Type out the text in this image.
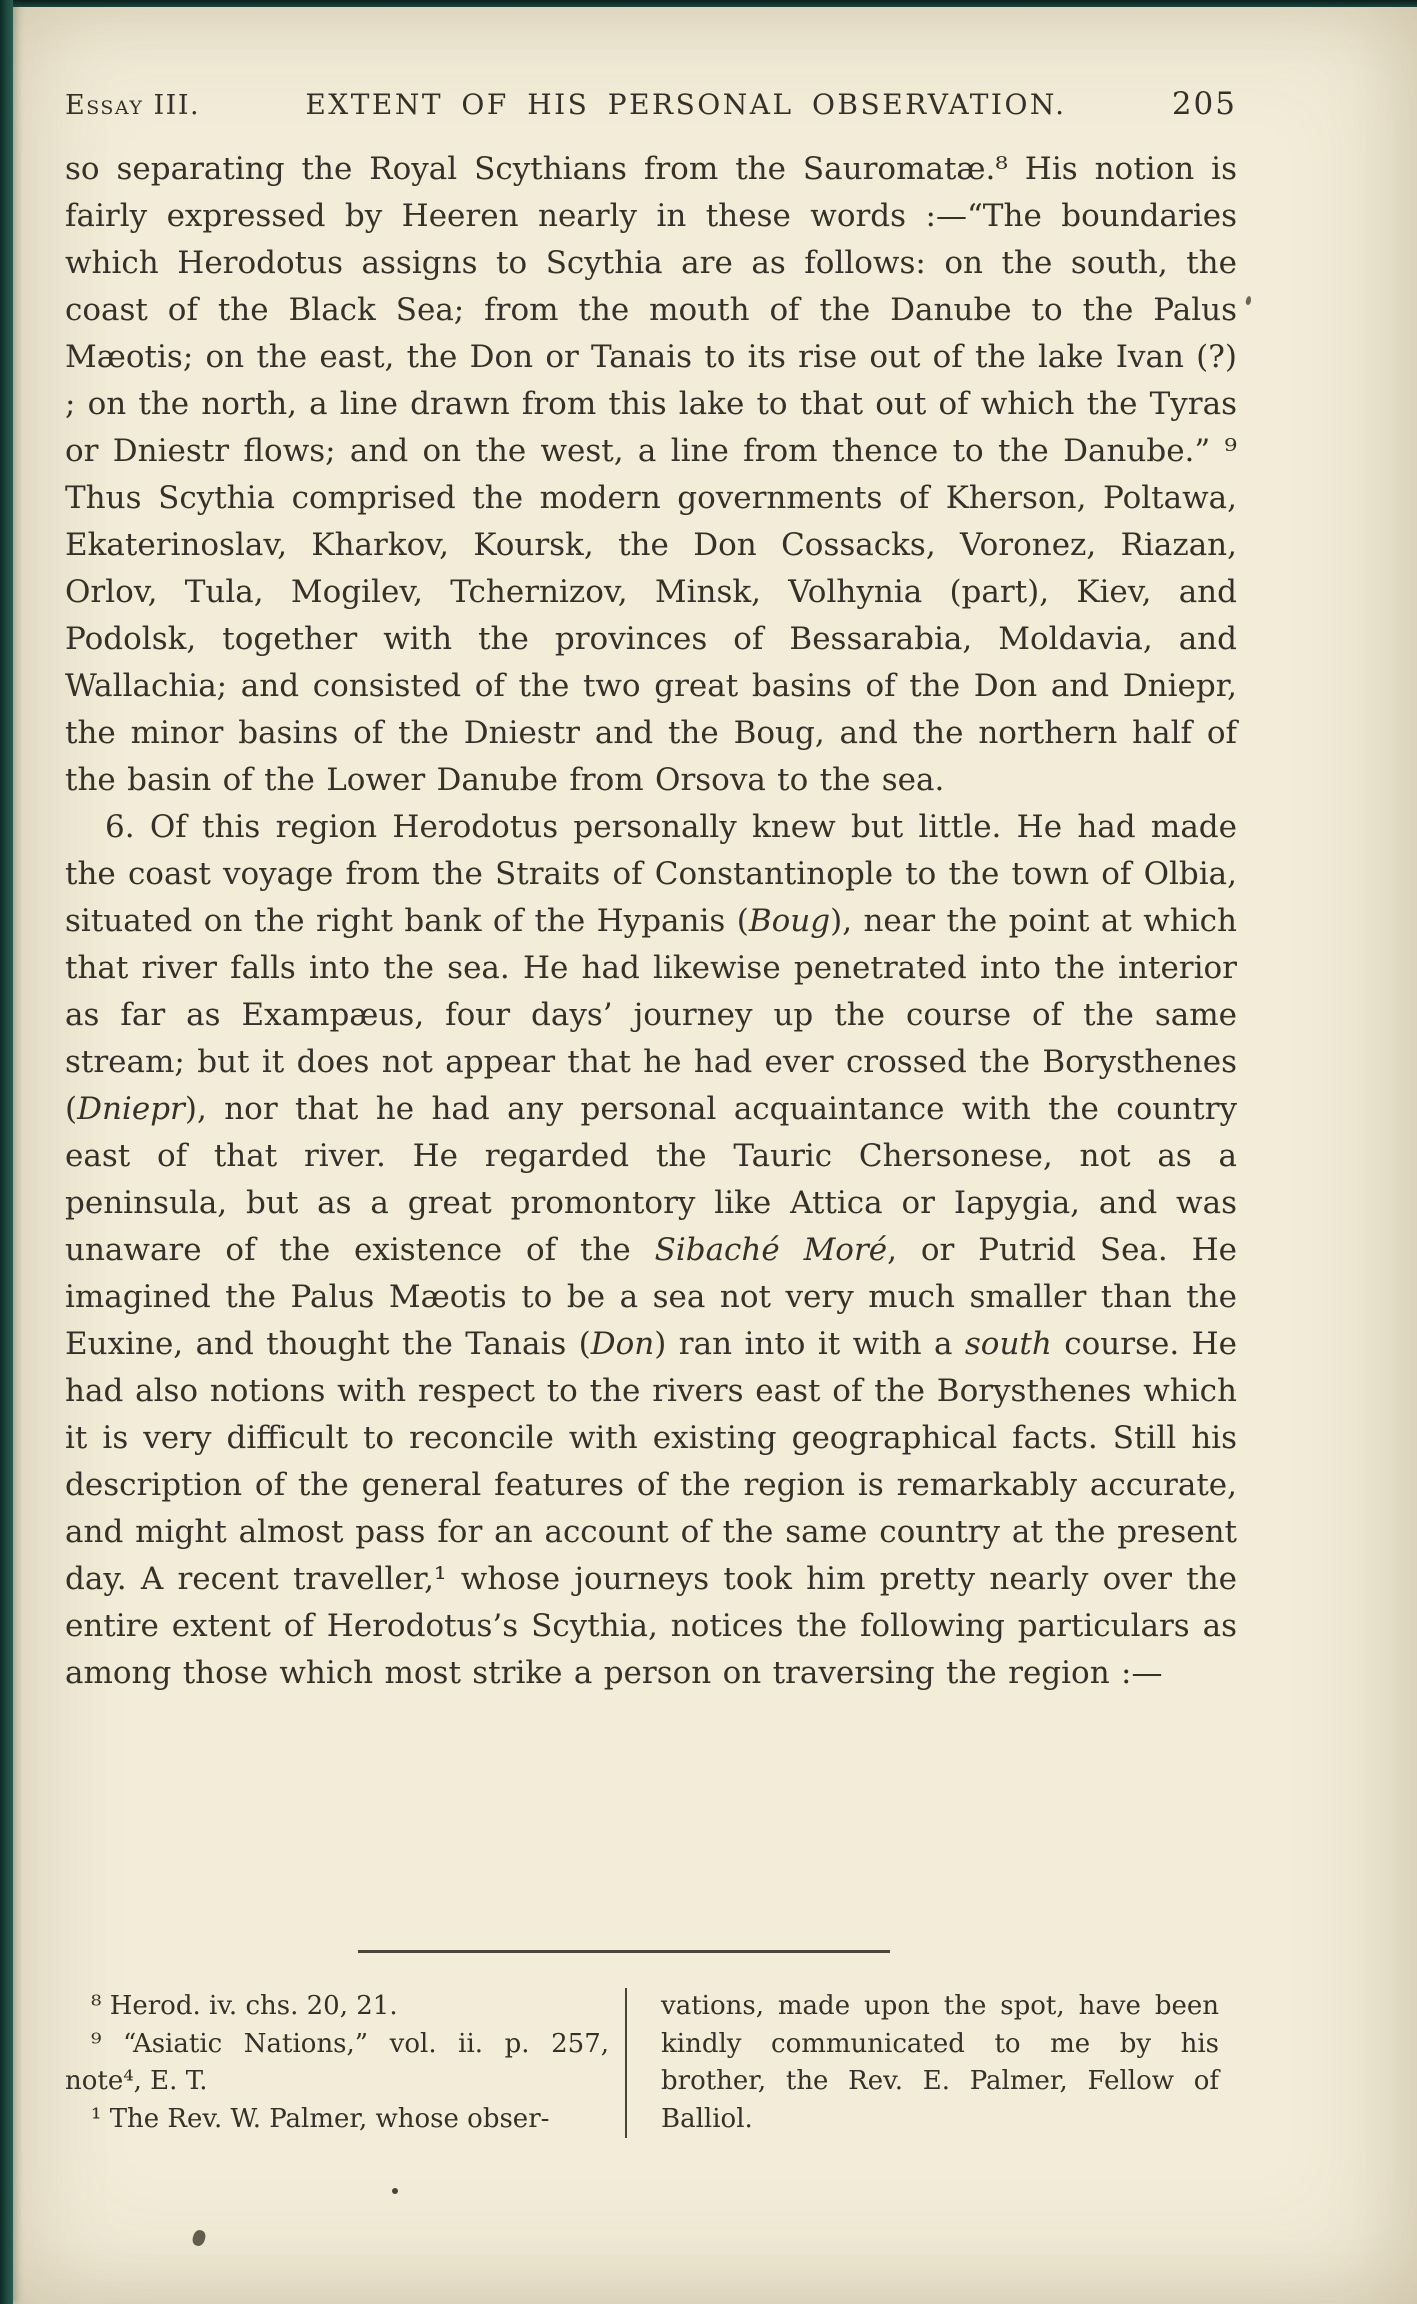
Essay III.	EXTENT OF HIS PERSONAL OBSERVATION.	205

so separating the Royal Scythians from the Sauromatæ.⁸ His notion is fairly expressed by Heeren nearly in these words :—“The boundaries which Herodotus assigns to Scythia are as follows: on the south, the coast of the Black Sea; from the mouth of the Danube to the Palus Mæotis; on the east, the Don or Tanais to its rise out of the lake Ivan (?) ; on the north, a line drawn from this lake to that out of which the Tyras or Dniestr flows; and on the west, a line from thence to the Danube.” ⁹ Thus Scythia comprised the modern governments of Kherson, Poltawa, Ekaterinoslav, Kharkov, Koursk, the Don Cossacks, Voronez, Riazan, Orlov, Tula, Mogilev, Tchernizov, Minsk, Volhynia (part), Kiev, and Podolsk, together with the provinces of Bessarabia, Moldavia, and Wallachia; and consisted of the two great basins of the Don and Dniepr, the minor basins of the Dniestr and the Boug, and the northern half of the basin of the Lower Danube from Orsova to the sea.

6. Of this region Herodotus personally knew but little. He had made the coast voyage from the Straits of Constantinople to the town of Olbia, situated on the right bank of the Hypanis (Boug), near the point at which that river falls into the sea. He had likewise penetrated into the interior as far as Exampæus, four days’ journey up the course of the same stream; but it does not appear that he had ever crossed the Borysthenes (Dniepr), nor that he had any personal acquaintance with the country east of that river. He regarded the Tauric Chersonese, not as a peninsula, but as a great promontory like Attica or Iapygia, and was unaware of the existence of the Sibaché Moré, or Putrid Sea. He imagined the Palus Mæotis to be a sea not very much smaller than the Euxine, and thought the Tanais (Don) ran into it with a south course. He had also notions with respect to the rivers east of the Borysthenes which it is very difficult to reconcile with existing geographical facts. Still his description of the general features of the region is remarkably accurate, and might almost pass for an account of the same country at the present day. A recent traveller,¹ whose journeys took him pretty nearly over the entire extent of Herodotus’s Scythia, notices the following particulars as among those which most strike a person on traversing the region :—

⁸ Herod. iv. chs. 20, 21.

⁹ “Asiatic Nations,” vol. ii. p. 257, note⁴, E. T.

¹ The Rev. W. Palmer, whose obser-

vations, made upon the spot, have been kindly communicated to me by his brother, the Rev. E. Palmer, Fellow of Balliol.
